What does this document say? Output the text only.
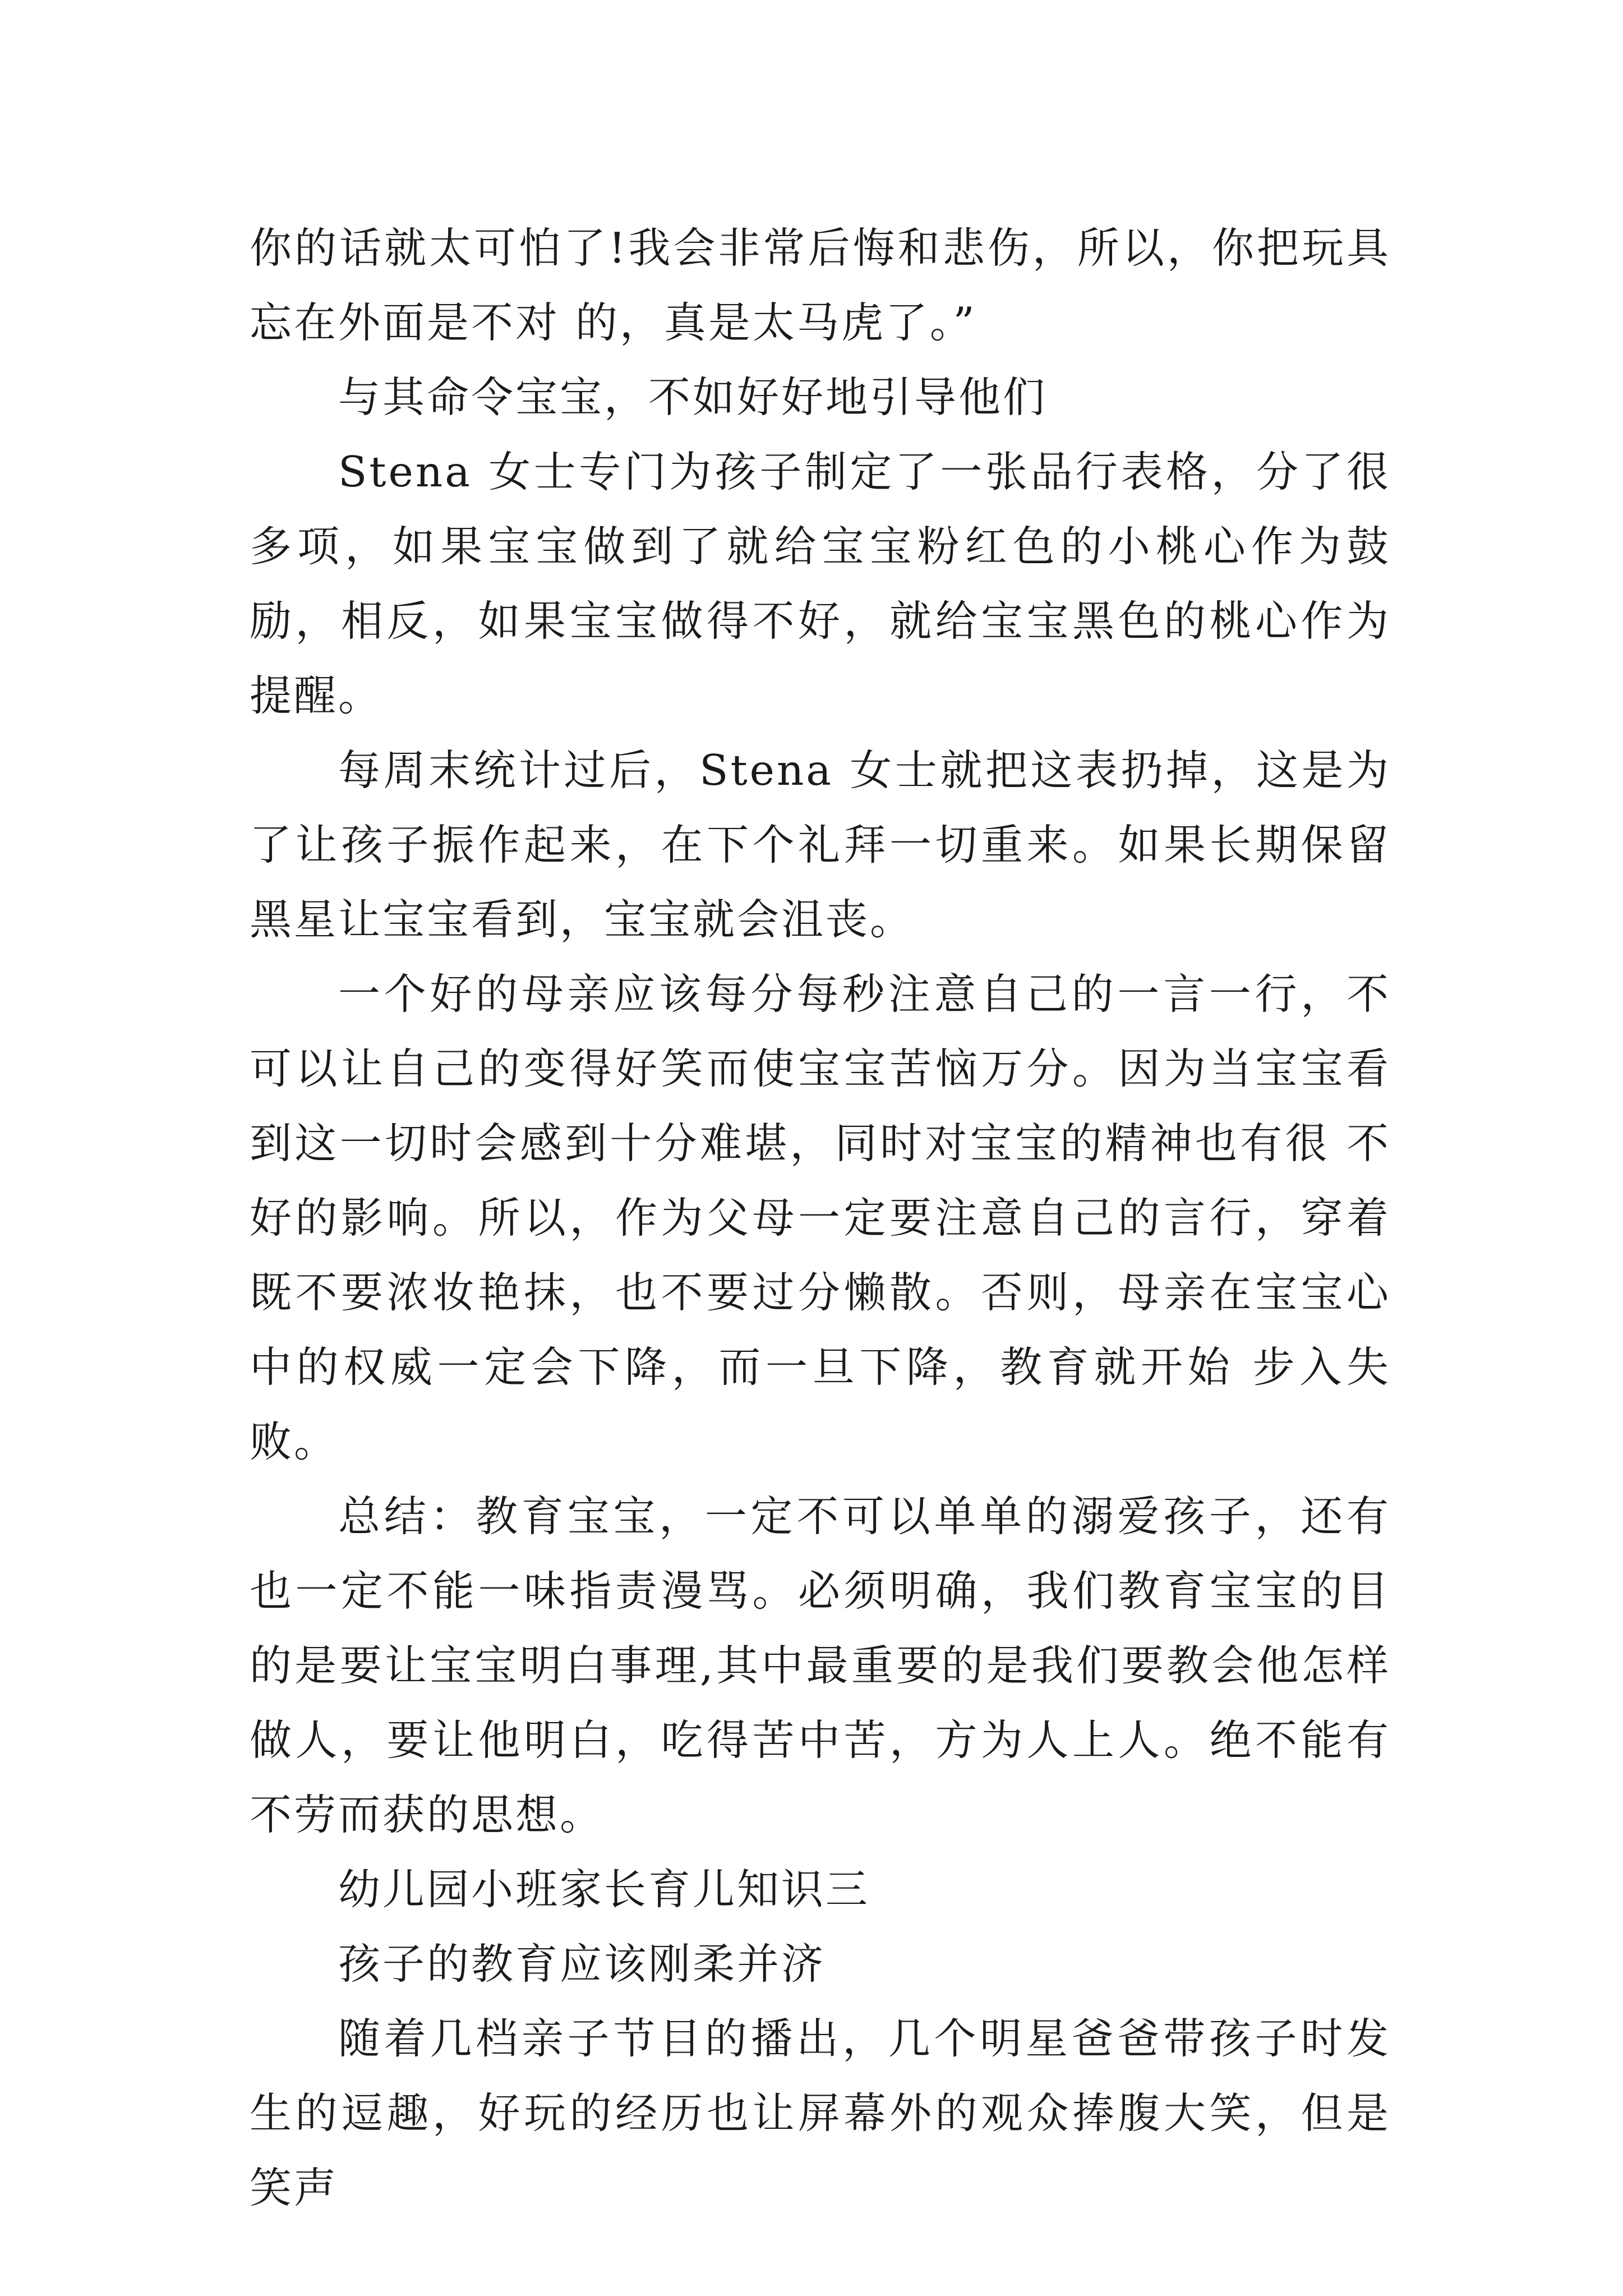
你的话就太可怕了!我会非常后悔和悲伤，所以，你把玩具忘在外面是不对 的，真是太马虎了。”

与其命令宝宝，不如好好地引导他们

Stena 女士专门为孩子制定了一张品行表格，分了很多项，如果宝宝做到了就给宝宝粉红色的小桃心作为鼓励，相反，如果宝宝做得不好，就给宝宝黑色的桃心作为提醒。

每周末统计过后，Stena 女士就把这表扔掉，这是为了让孩子振作起来，在下个礼拜一切重来。如果长期保留黑星让宝宝看到，宝宝就会沮丧。

一个好的母亲应该每分每秒注意自己的一言一行，不可以让自己的变得好笑而使宝宝苦恼万分。因为当宝宝看到这一切时会感到十分难堪，同时对宝宝的精神也有很 不好的影响。所以，作为父母一定要注意自己的言行，穿着既不要浓妆艳抹，也不要过分懒散。否则，母亲在宝宝心中的权威一定会下降，而一旦下降，教育就开始 步入失败。

总结：教育宝宝，一定不可以单单的溺爱孩子，还有也一定不能一味指责漫骂。必须明确，我们教育宝宝的目的是要让宝宝明白事理,其中最重要的是我们要教会他怎样做人，要让他明白，吃得苦中苦，方为人上人。绝不能有不劳而获的思想。

幼儿园小班家长育儿知识三

孩子的教育应该刚柔并济

随着几档亲子节目的播出，几个明星爸爸带孩子时发生的逗趣，好玩的经历也让屏幕外的观众捧腹大笑，但是笑声
